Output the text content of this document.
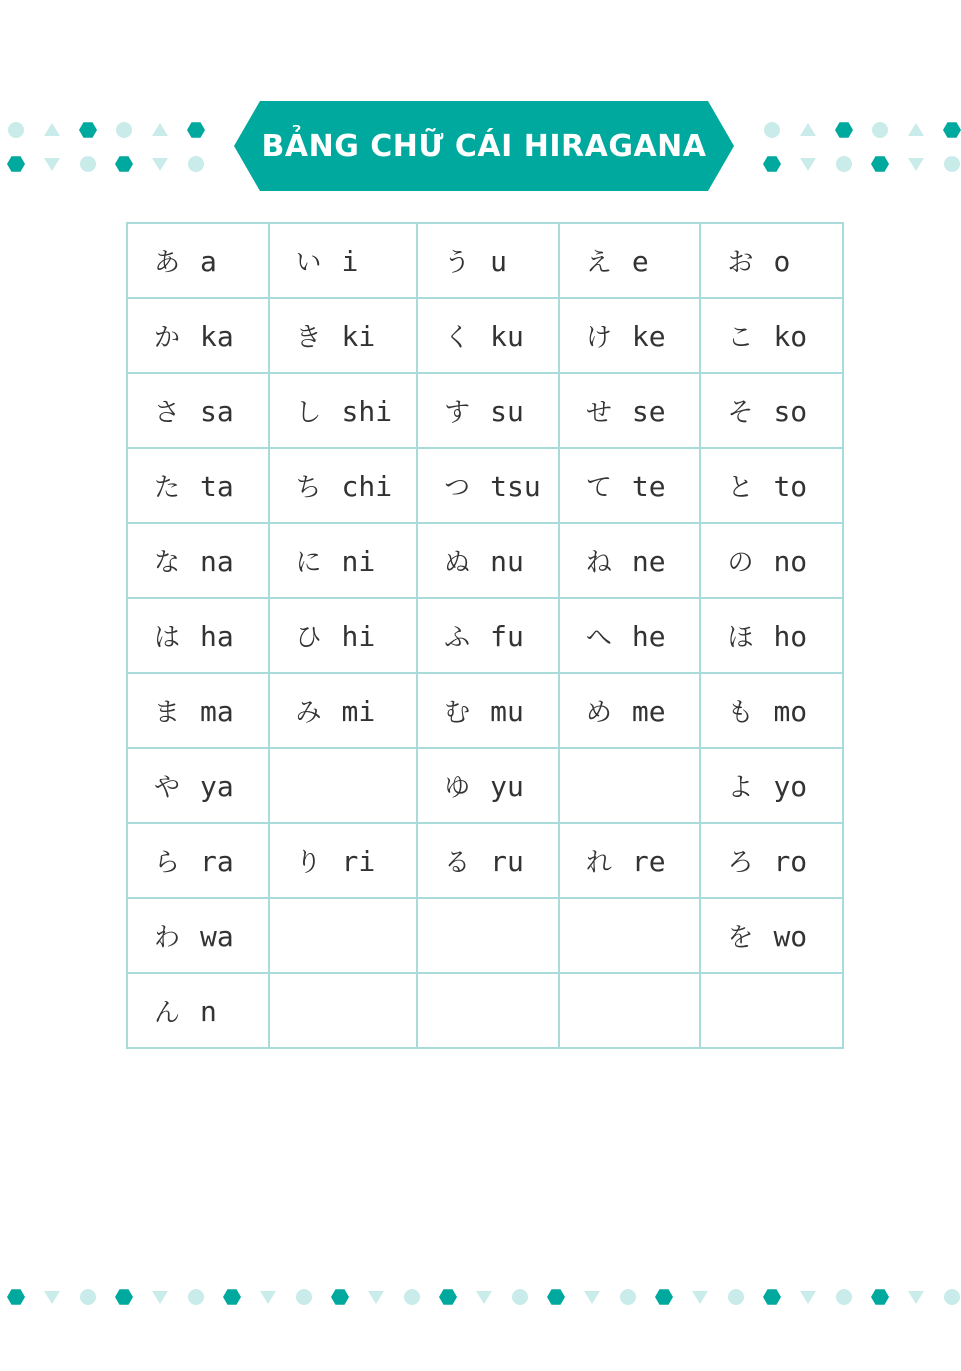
BẢNG CHỮ CÁI HIRAGANA
あ a	い i	う u	え e	お o
か ka	き ki	く ku	け ke	こ ko
さ sa	し shi	す su	せ se	そ so
た ta	ち chi	つ tsu	て te	と to
な na	に ni	ぬ nu	ね ne	の no
は ha	ひ hi	ふ fu	へ he	ほ ho
ま ma	み mi	む mu	め me	も mo
や ya		ゆ yu		よ yo
ら ra	り ri	る ru	れ re	ろ ro
わ wa				を wo
ん n				
